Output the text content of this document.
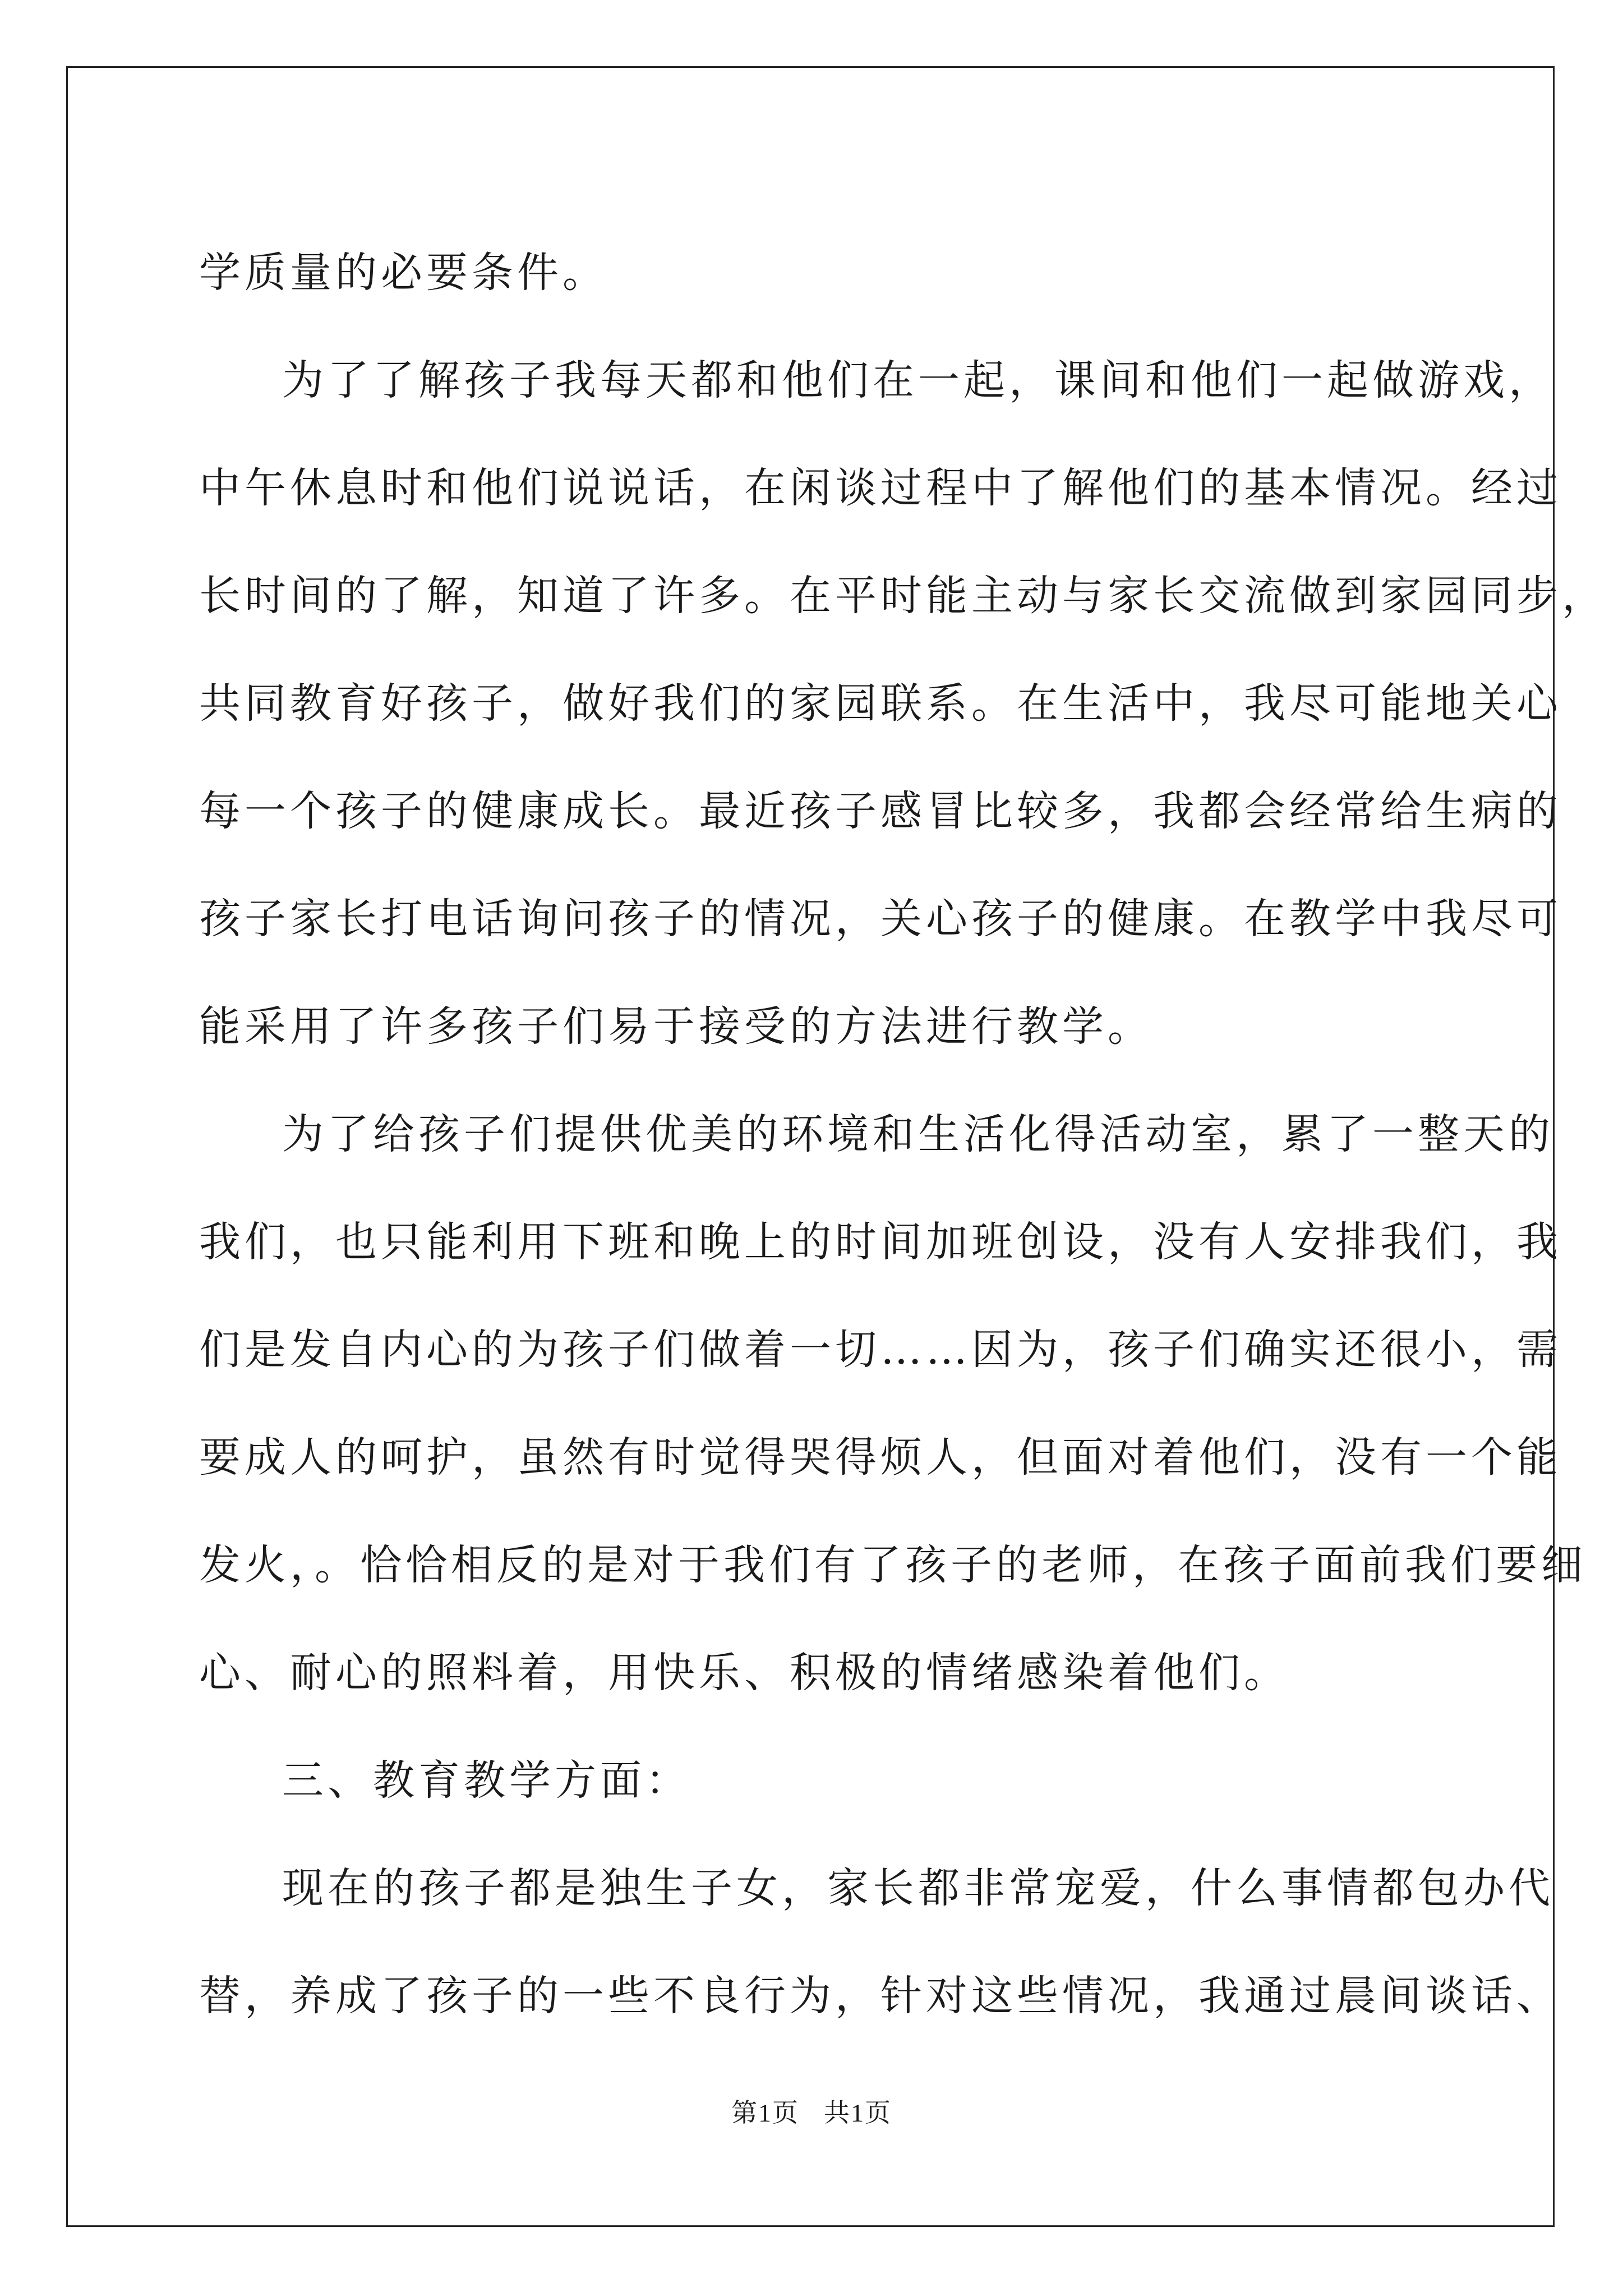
学质量的必要条件。
为了了解孩子我每天都和他们在一起，课间和他们一起做游戏，
中午休息时和他们说说话，在闲谈过程中了解他们的基本情况。经过
长时间的了解，知道了许多。在平时能主动与家长交流做到家园同步，
共同教育好孩子，做好我们的家园联系。在生活中，我尽可能地关心
每一个孩子的健康成长。最近孩子感冒比较多，我都会经常给生病的
孩子家长打电话询问孩子的情况，关心孩子的健康。在教学中我尽可
能采用了许多孩子们易于接受的方法进行教学。
为了给孩子们提供优美的环境和生活化得活动室，累了一整天的
我们，也只能利用下班和晚上的时间加班创设，没有人安排我们，我
们是发自内心的为孩子们做着一切……因为，孩子们确实还很小，需
要成人的呵护，虽然有时觉得哭得烦人，但面对着他们，没有一个能
发火，。恰恰相反的是对于我们有了孩子的老师，在孩子面前我们要细
心、耐心的照料着，用快乐、积极的情绪感染着他们。
三、教育教学方面：
现在的孩子都是独生子女，家长都非常宠爱，什么事情都包办代
替，养成了孩子的一些不良行为，针对这些情况，我通过晨间谈话、
第1页 共1页
